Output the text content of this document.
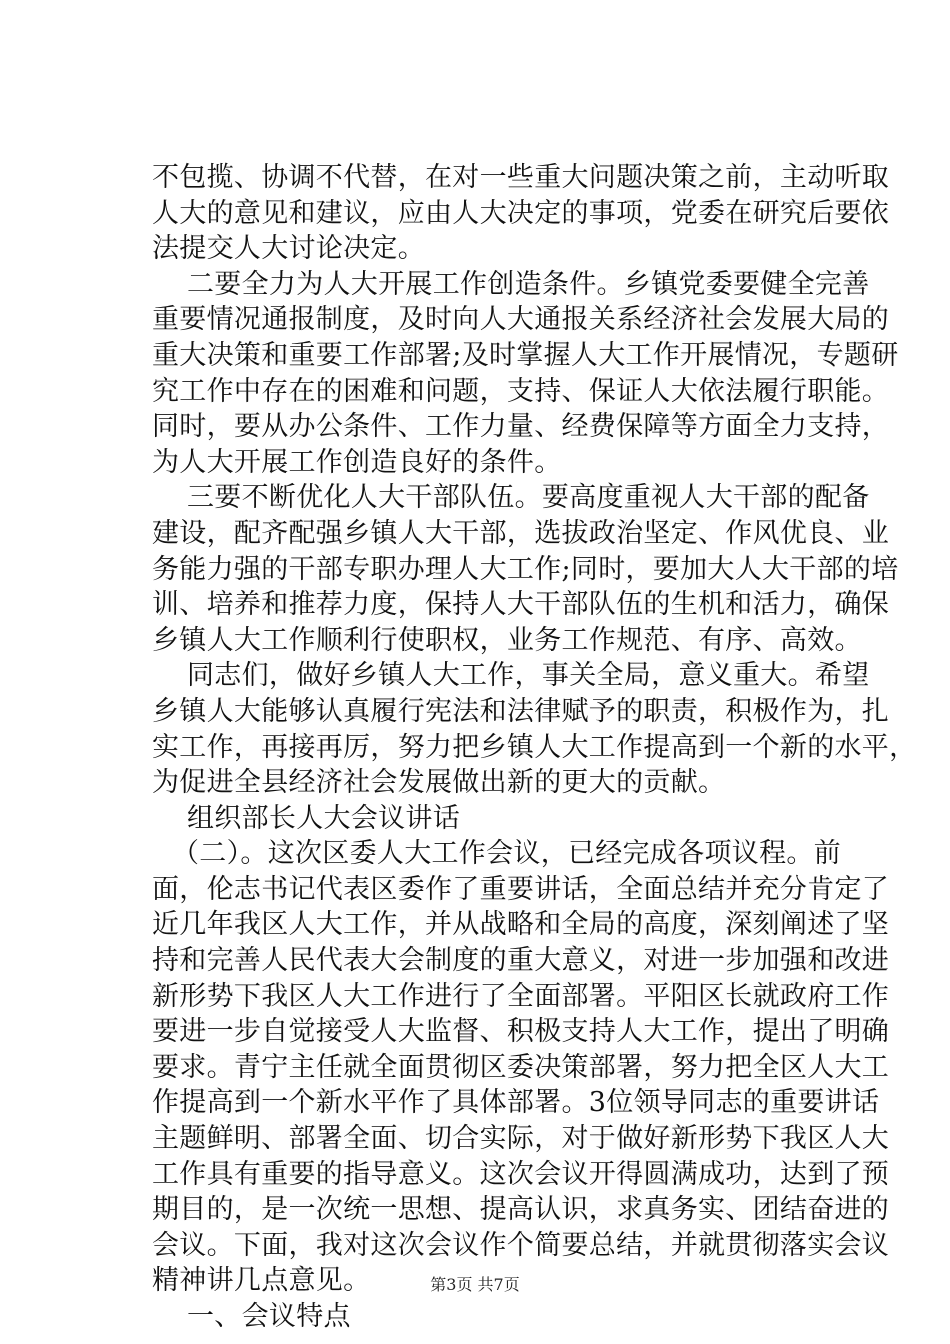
不包揽、协调不代替，在对一些重大问题决策之前，主动听取
人大的意见和建议，应由人大决定的事项，党委在研究后要依
法提交人大讨论决定。
二要全力为人大开展工作创造条件。乡镇党委要健全完善
重要情况通报制度，及时向人大通报关系经济社会发展大局的
重大决策和重要工作部署;及时掌握人大工作开展情况，专题研
究工作中存在的困难和问题，支持、保证人大依法履行职能。
同时，要从办公条件、工作力量、经费保障等方面全力支持，
为人大开展工作创造良好的条件。
三要不断优化人大干部队伍。要高度重视人大干部的配备
建设，配齐配强乡镇人大干部，选拔政治坚定、作风优良、业
务能力强的干部专职办理人大工作;同时，要加大人大干部的培
训、培养和推荐力度，保持人大干部队伍的生机和活力，确保
乡镇人大工作顺利行使职权，业务工作规范、有序、高效。
同志们，做好乡镇人大工作，事关全局，意义重大。希望
乡镇人大能够认真履行宪法和法律赋予的职责，积极作为，扎
实工作，再接再厉，努力把乡镇人大工作提高到一个新的水平，
为促进全县经济社会发展做出新的更大的贡献。
组织部长人大会议讲话
（二）。这次区委人大工作会议，已经完成各项议程。前
面，伦志书记代表区委作了重要讲话，全面总结并充分肯定了
近几年我区人大工作，并从战略和全局的高度，深刻阐述了坚
持和完善人民代表大会制度的重大意义，对进一步加强和改进
新形势下我区人大工作进行了全面部署。平阳区长就政府工作
要进一步自觉接受人大监督、积极支持人大工作，提出了明确
要求。青宁主任就全面贯彻区委决策部署，努力把全区人大工
作提高到一个新水平作了具体部署。3位领导同志的重要讲话
主题鲜明、部署全面、切合实际，对于做好新形势下我区人大
工作具有重要的指导意义。这次会议开得圆满成功，达到了预
期目的，是一次统一思想、提高认识，求真务实、团结奋进的
会议。下面，我对这次会议作个简要总结，并就贯彻落实会议
精神讲几点意见。
一、会议特点
第3页 共7页
